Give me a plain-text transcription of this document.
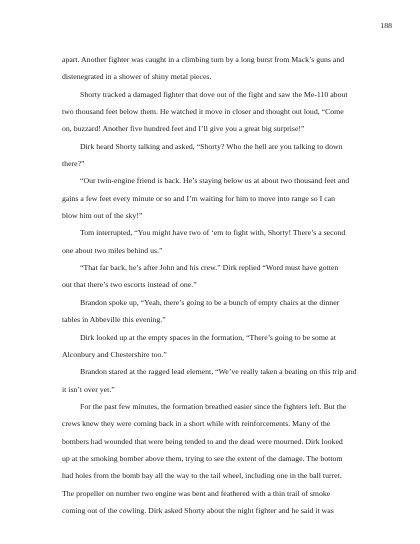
188

apart. Another fighter was caught in a climbing turn by a long burst from Mack’s guns and

distenegrated in a shower of shiny metal pieces.

Shorty tracked a damaged fighter that dove out of the fight and saw the Me-110 about

two thousand feet below them. He watched it move in closer and thought out loud, “Come

on, buzzard! Another five hundred feet and I’ll give you a great big surprise!”

Dirk heard Shorty talking and asked, “Shorty? Who the hell are you talking to down

there?”

“Our twin-engine friend is back. He’s staying below us at about two thousand feet and

gains a few feet every minute or so and I’m waiting for him to move into range so I can

blow him out of the sky!”

Tom interrupted, “You might have two of ‘em to fight with, Shorty! There’s a second

one about two miles behind us.”

“That far back, he’s after John and his crew.” Dirk replied “Word must have gotten

out that there’s two escorts instead of one.”

Brandon spoke up, “Yeah, there’s going to be a bunch of empty chairs at the dinner

tables in Abbeville this evening.”

Dirk looked up at the empty spaces in the formation, “There’s going to be some at

Alconbury and Chestershire too.”

Brandon stared at the ragged lead element, “We’ve really taken a beating on this trip and

it isn’t over yet.”

For the past few minutes, the formation breathed easier since the fighters left. But the

crews knew they were coming back in a short while with reinforcements. Many of the

bombers had wounded that were being tended to and the dead were mourned. Dirk looked

up at the smoking bomber above them, trying to see the extent of the damage. The bottom

had holes from the bomb bay all the way to the tail wheel, including one in the ball turret.

The propeller on number two engine was bent and feathered with a thin trail of smoke

coming out of the cowling. Dirk asked Shorty about the night fighter and he said it was
